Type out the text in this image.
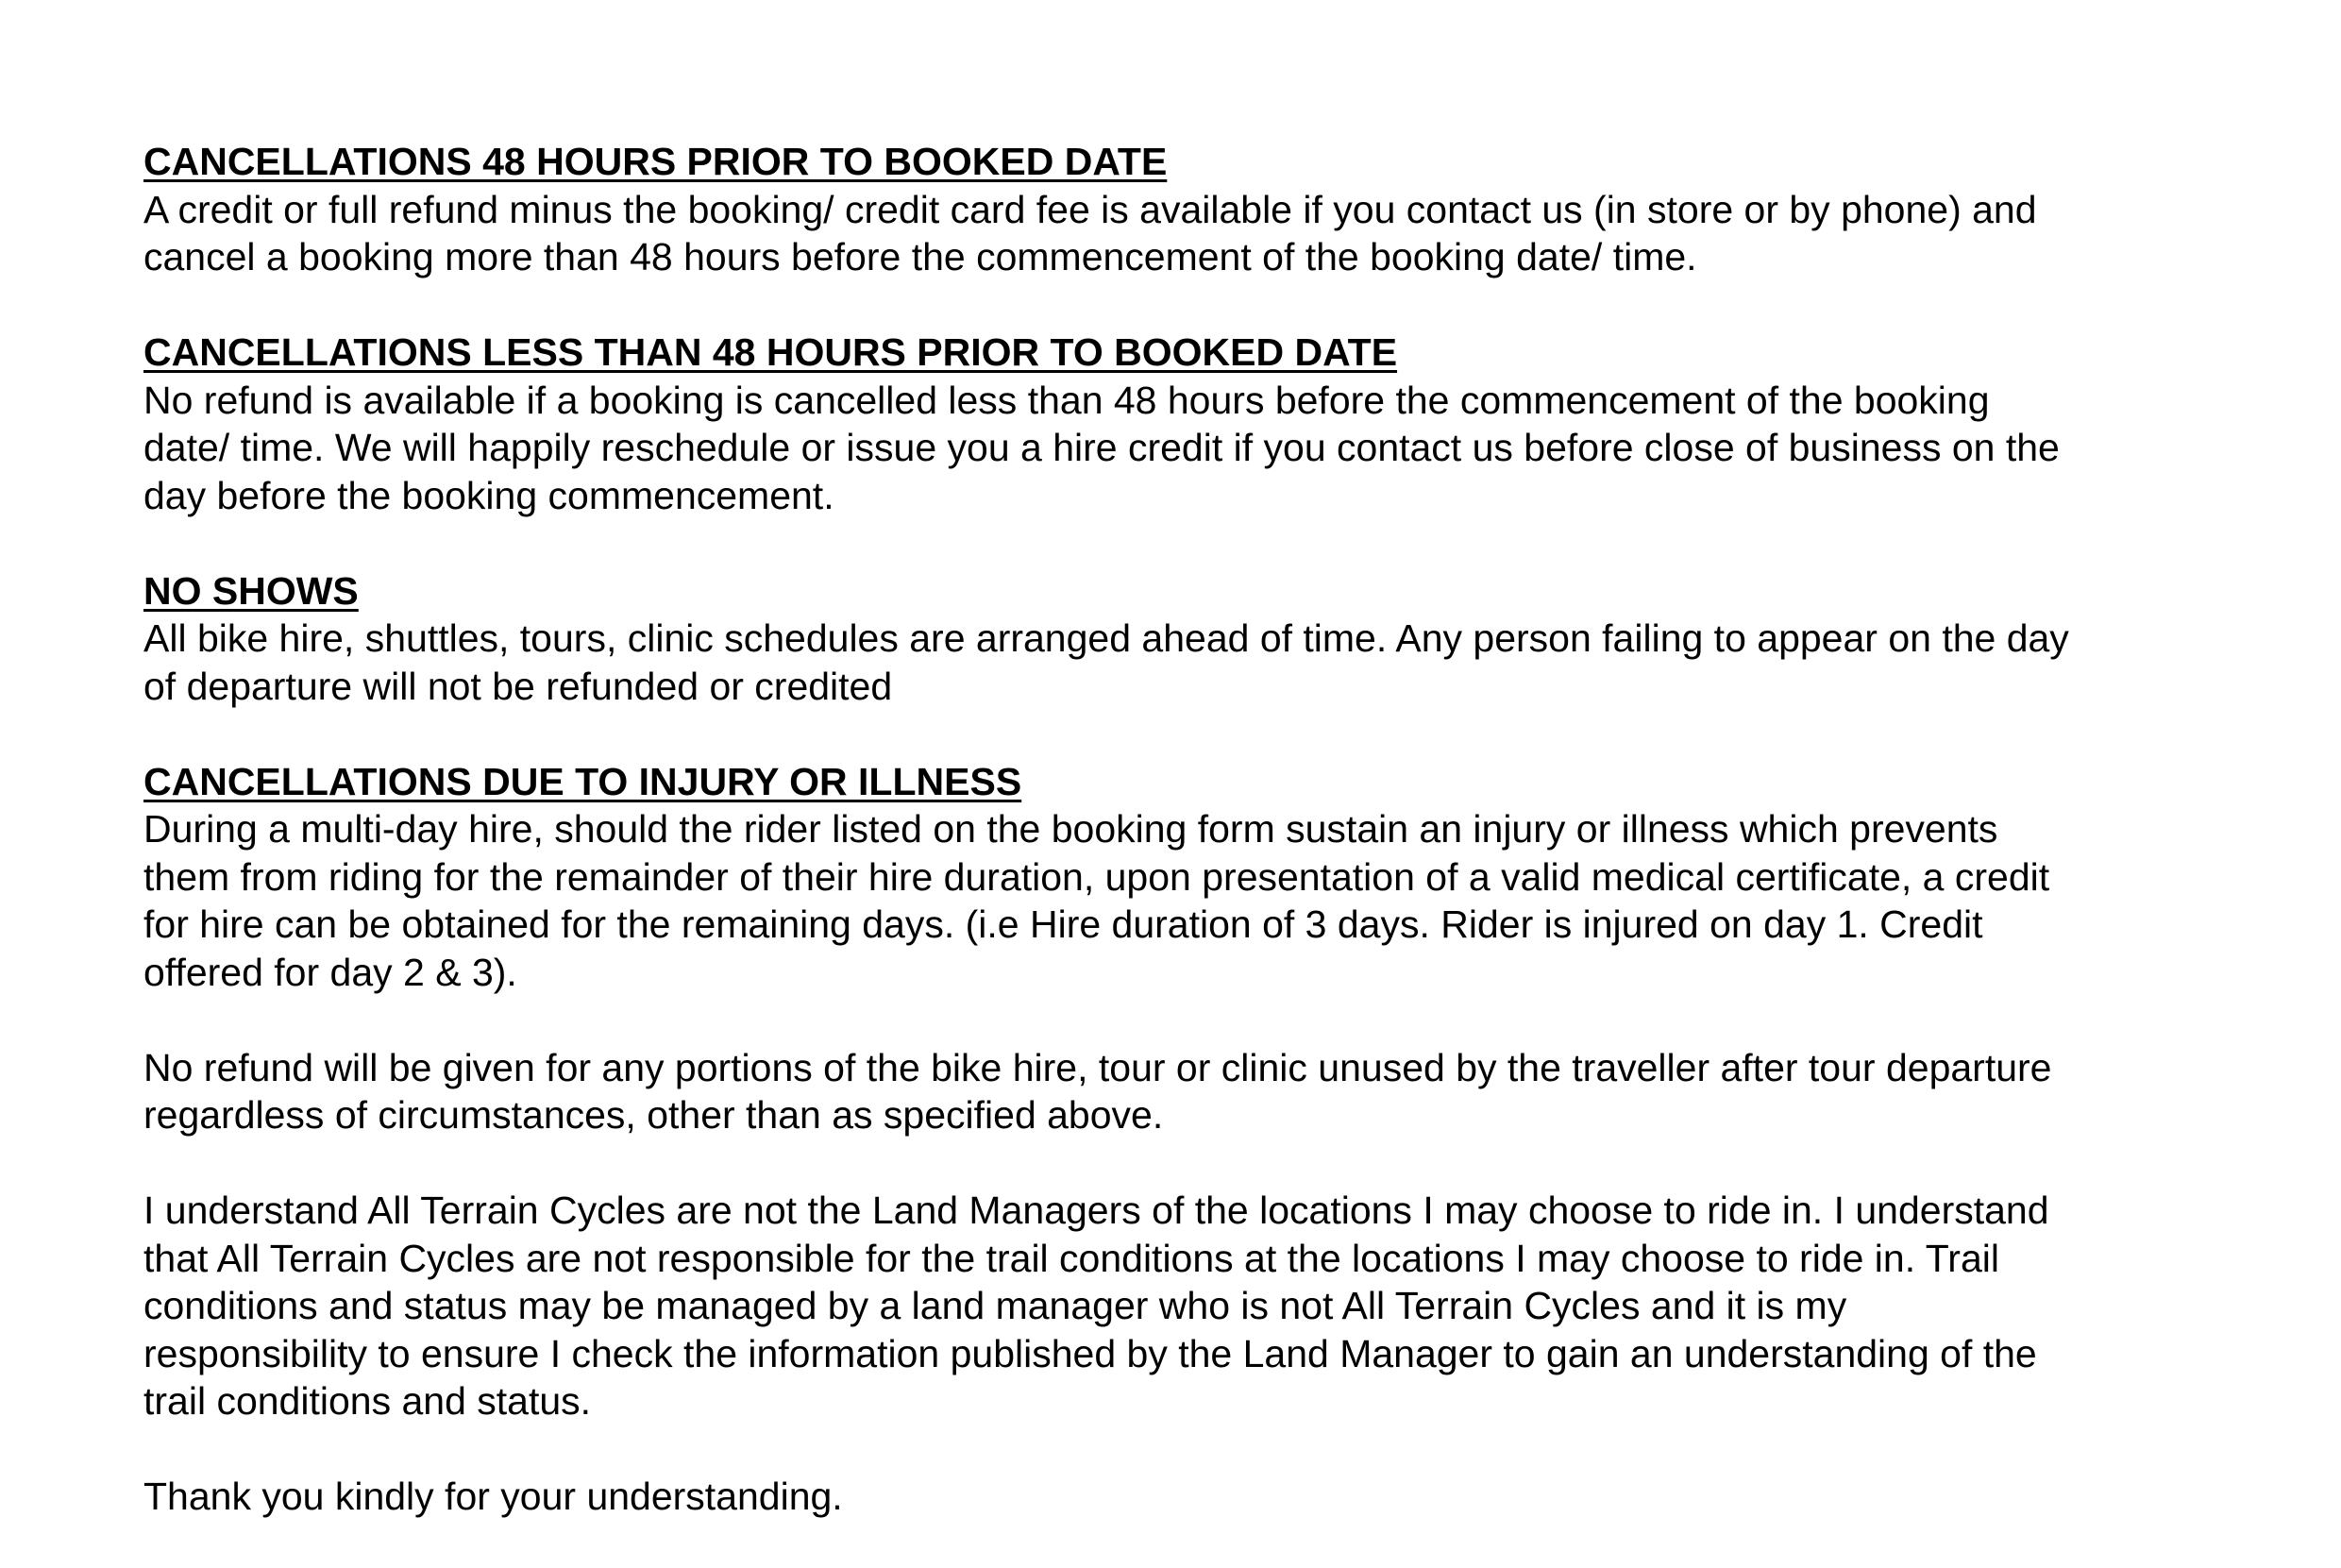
CANCELLATIONS 48 HOURS PRIOR TO BOOKED DATE
A credit or full refund minus the booking/ credit card fee is available if you contact us (in store or by phone) and
cancel a booking more than 48 hours before the commencement of the booking date/ time.
CANCELLATIONS LESS THAN 48 HOURS PRIOR TO BOOKED DATE
No refund is available if a booking is cancelled less than 48 hours before the commencement of the booking
date/ time. We will happily reschedule or issue you a hire credit if you contact us before close of business on the
day before the booking commencement.
NO SHOWS
All bike hire, shuttles, tours, clinic schedules are arranged ahead of time. Any person failing to appear on the day
of departure will not be refunded or credited
CANCELLATIONS DUE TO INJURY OR ILLNESS
During a multi-day hire, should the rider listed on the booking form sustain an injury or illness which prevents
them from riding for the remainder of their hire duration, upon presentation of a valid medical certificate, a credit
for hire can be obtained for the remaining days. (i.e Hire duration of 3 days. Rider is injured on day 1. Credit
offered for day 2 & 3).
No refund will be given for any portions of the bike hire, tour or clinic unused by the traveller after tour departure
regardless of circumstances, other than as specified above.
I understand All Terrain Cycles are not the Land Managers of the locations I may choose to ride in. I understand
that All Terrain Cycles are not responsible for the trail conditions at the locations I may choose to ride in. Trail
conditions and status may be managed by a land manager who is not All Terrain Cycles and it is my
responsibility to ensure I check the information published by the Land Manager to gain an understanding of the
trail conditions and status.
Thank you kindly for your understanding.
